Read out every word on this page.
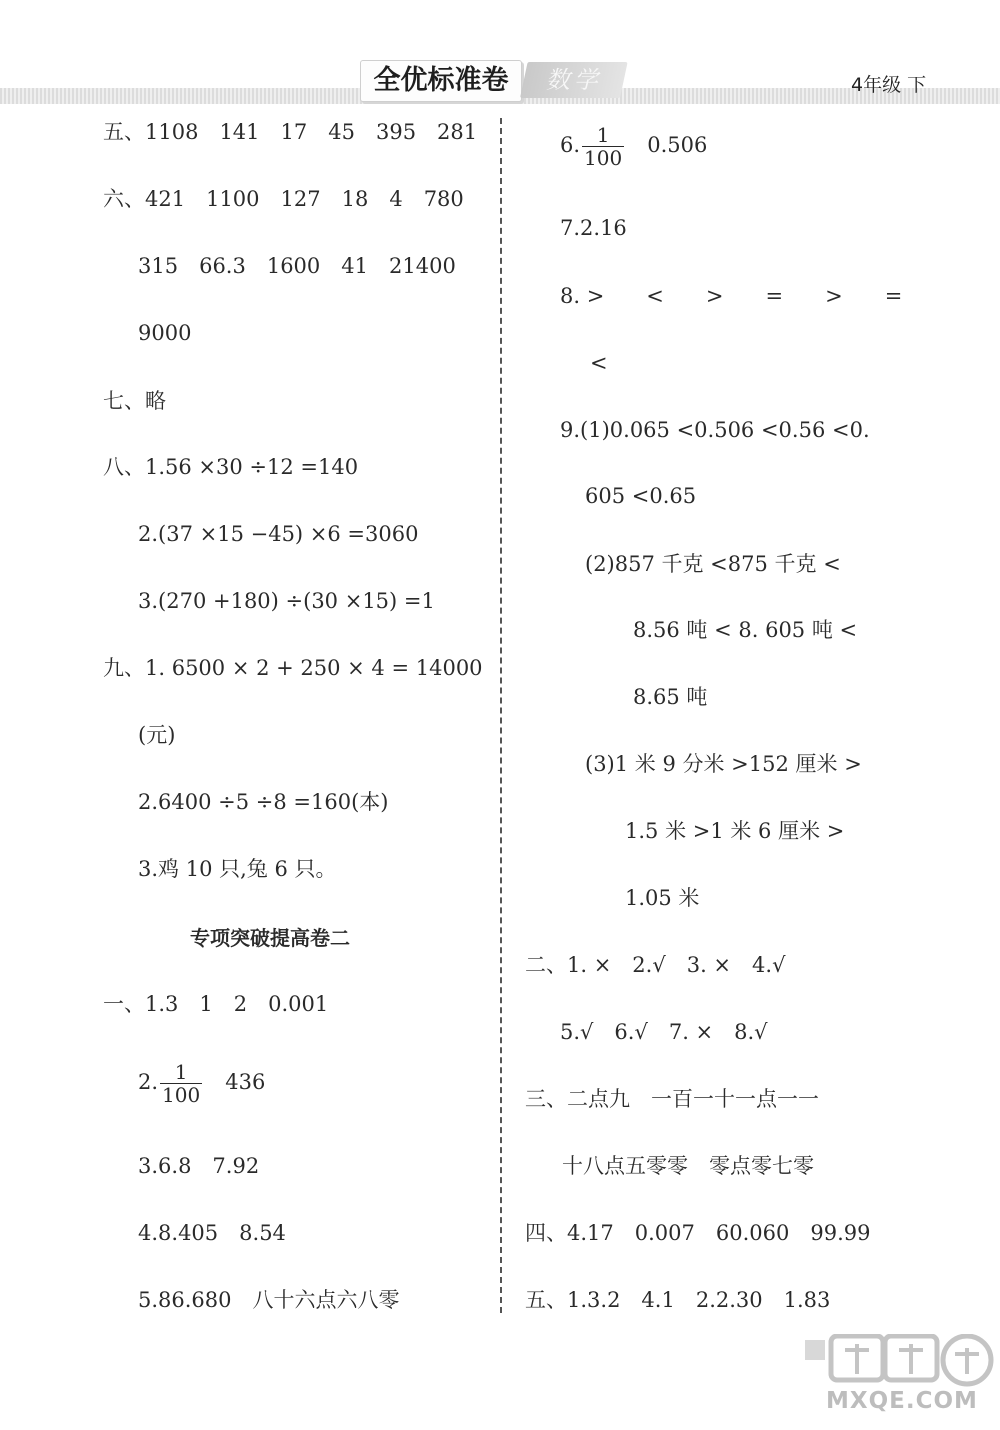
全优标准卷	数学	4年级 下
五、1108　141　17　45　395　281
六、421　1100　127　18　4　780
315　66.3　1600　41　21400
9000
七、略
八、1.56 ×30 ÷12 =140
2.(37 ×15 −45) ×6 =3060
3.(270 +180) ÷(30 ×15) =1
九、1. 6500 × 2 + 250 × 4 = 14000
(元)
2.6400 ÷5 ÷8 =160(本)
3.鸡 10 只,兔 6 只。
专项突破提高卷二
一、1.3　1　2　0.001
2. $\frac{1}{100}$
　 436
3.6.8　7.92
4.8.405　8.54
5.86.680　八十六点六八零
6. $\frac{1}{100}$
　 0.506
7.2.16
8. >　　<　　>　　=　　>　　=
<
9.(1)0.065 <0.506 <0.56 <0.
605 <0.65
(2)857 千克 <875 千克 <
8.56 吨 < 8. 605 吨 <
8.65 吨
(3)1 米 9 分米 >152 厘米 >
1.5 米 >1 米 6 厘米 >
1.05 米
二、1. ×　2.√　3. ×　4.√
5.√　6.√　7. ×　8.√
三、二点九　一百一十一点一一
十八点五零零　零点零七零
四、4.17　0.007　60.060　99.99
五、1.3.2　4.1　2.2.30　1.83
MXQE.COM
